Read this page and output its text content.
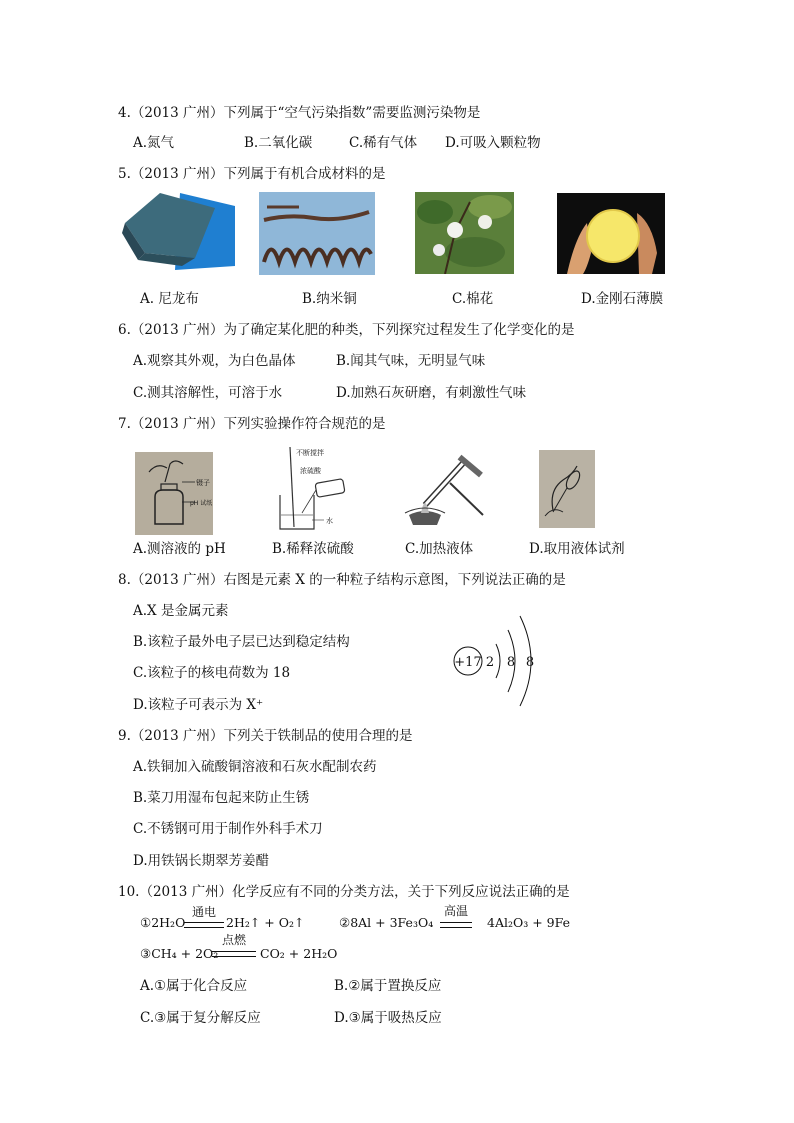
4.（2013 广州）下列属于“空气污染指数”需要监测污染物是
A.氮气	B.二氧化碳	C.稀有气体 D.可吸入颗粒物
5.（2013 广州）下列属于有机合成材料的是
A. 尼龙布	B.纳米铜	C.棉花	D.金刚石薄膜
6.（2013 广州）为了确定某化肥的种类，下列探究过程发生了化学变化的是
A.观察其外观，为白色晶体	B.闻其气味，无明显气味
C.测其溶解性，可溶于水	D.加熟石灰研磨，有刺激性气味
7.（2013 广州）下列实验操作符合规范的是
镊子
pH 试纸
不断搅拌
浓硫酸
水
A.测溶液的 pH	B.稀释浓硫酸	C.加热液体	D.取用液体试剂
8.（2013 广州）右图是元素 X 的一种粒子结构示意图，下列说法正确的是
A.X 是金属元素
B.该粒子最外电子层已达到稳定结构
C.该粒子的核电荷数为 18
D.该粒子可表示为 X⁺
+17 2 8 8
9.（2013 广州）下列关于铁制品的使用合理的是
A.铁铜加入硫酸铜溶液和石灰水配制农药
B.菜刀用湿布包起来防止生锈
C.不锈钢可用于制作外科手术刀
D.用铁锅长期翠芳姜醋
10.（2013 广州）化学反应有不同的分类方法，关于下列反应说法正确的是
①2H₂O
通电
2H₂↑ + O₂↑	②8Al + 3Fe₃O₄
高温
4Al₂O₃ + 9Fe
③CH₄ + 2O₂
点燃
CO₂ + 2H₂O
A.①属于化合反应	B.②属于置换反应
C.③属于复分解反应	D.③属于吸热反应
